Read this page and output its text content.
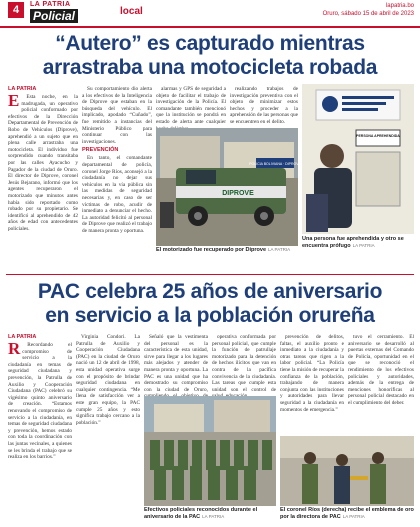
4	LA PATRIA
Policial	local	lapatria.bo
Oruro, sábado 15 de abril de 2023
“Autero” es capturado mientras
arrastraba una motocicleta robada
LA PATRIA
E	Esta noche, en la madrugada, un operativo policial conformado por efectivos de la Dirección Departamental de Prevención de Robo de Vehículos (Diprove), aprehendió a un sujeto que en plena calle arrastraba una motocicleta. El individuo fue sorprendido cuando transitaba por las calles Ayacucho y Pagador de la ciudad de Oruro. El director de Diprove, coronel Jesús Bejarano, informó que los agentes recuperaron el motorizado que minutos antes había sido reportado como robado por su propietario. Se identificó al aprehendido de 42 años de edad con antecedentes policiales.

Su comportamiento dio alerta a los efectivos de la Inteligencia de Diprove que estaban en la búsqueda del vehículo. El implicado, apodado “Cuñado”, fue remitido a instancias del Ministerio Público para continuar con las investigaciones.

PREVENCIÓN

En tanto, el comandante departamental de policía, coronel Jorge Ríos, aconsejó a la ciudadanía no dejar sus vehículos en la vía pública sin las medidas de seguridad necesarias y, en caso de ser víctimas de robo, acudir de inmediato a denunciar el hecho. La autoridad felicitó al personal de Diprove que realizó el trabajo de manera pronta y oportuna.

alarmas y GPS de seguridad a objeto de facilitar el trabajo de investigación de la Policía. El comandante también mencionó que la institución se pondrá en estado de alerta ante cualquier

realizando trabajos de investigación preventiva con el objeto de minimizar estos hechos y proceder a la aprehensión de las personas que se encuentren en el delito.

DIPROVE
POLICIA BOLIVIANA · DIPROVE
El motorizado fue recuperado por Diprove LA PATRIA
PERSONA APREHENDIDA
Una persona fue aprehendida y otro se encuentra prófugo LA PATRIA
PAC celebra 25 años de aniversario
en servicio a la población orureña
LA PATRIA
R	Recordando el compromiso de servicio a la ciudadanía en temas de seguridad ciudadana y prevención, la Patrulla de Auxilio y Cooperación Ciudadana (PAC) celebró su vigésimo quinto aniversario de creación. “Estamos renovando el compromiso de servicio a la ciudadanía, en temas de seguridad ciudadana y prevención, hemos estado con toda la coordinación con las juntas vecinales, a quienes se les brinda el trabajo que se realiza en los barrios.”

Virginia Condori. La Patrulla de Auxilio y Cooperación Ciudadana (PAC) en la ciudad de Oruro nació un 12 de abril de 1998, esta unidad operativa surge con el propósito de brindar seguridad ciudadana en cualquier contingencia. “Me llena de satisfacción ver a este gran equipo, la PAC cumple 25 años y esto significa trabajo cercano a la población.”

Señaló que la vestimenta del personal es la característica de esta unidad, sirve para llegar a los lugares más alejados y atender de manera pronta y oportuna. La PAC es una unidad que ha demostrado su compromiso con la ciudad de Oruro,

operativa conformada por personal policial, que cumple la función de patrullaje motorizado para la detención de hechos ilícitos que van en contra de la pacífica convivencia de la ciudadanía. Las tareas que cumple esta unidad son el control de

prevención de delitos, faltas, el auxilio pronto e inmediato a la ciudadanía y otras tareas que rigen a la labor policial. “La Policía tiene la misión de recuperar la confianza de la población, trabajando de manera conjunta con las instituciones y autoridades para llevar seguridad a la ciudadanía en momentos de emergencia.”

tuvo el cerramiento. El aniversario se desarrolló al puertas externas del Comando de Policía, oportunidad en el que se reconoció el rendimiento de los efectivos policiales y autoridades, además de la entrega de menciones honoríficas al personal policial destacado en el cumplimiento del deber.

Efectivos policiales reconocidos durante el aniversario de la PAC LA PATRIA
El coronel Ríos (derecha) recibe el emblema de oro por la directora de PAC LA PATRIA
